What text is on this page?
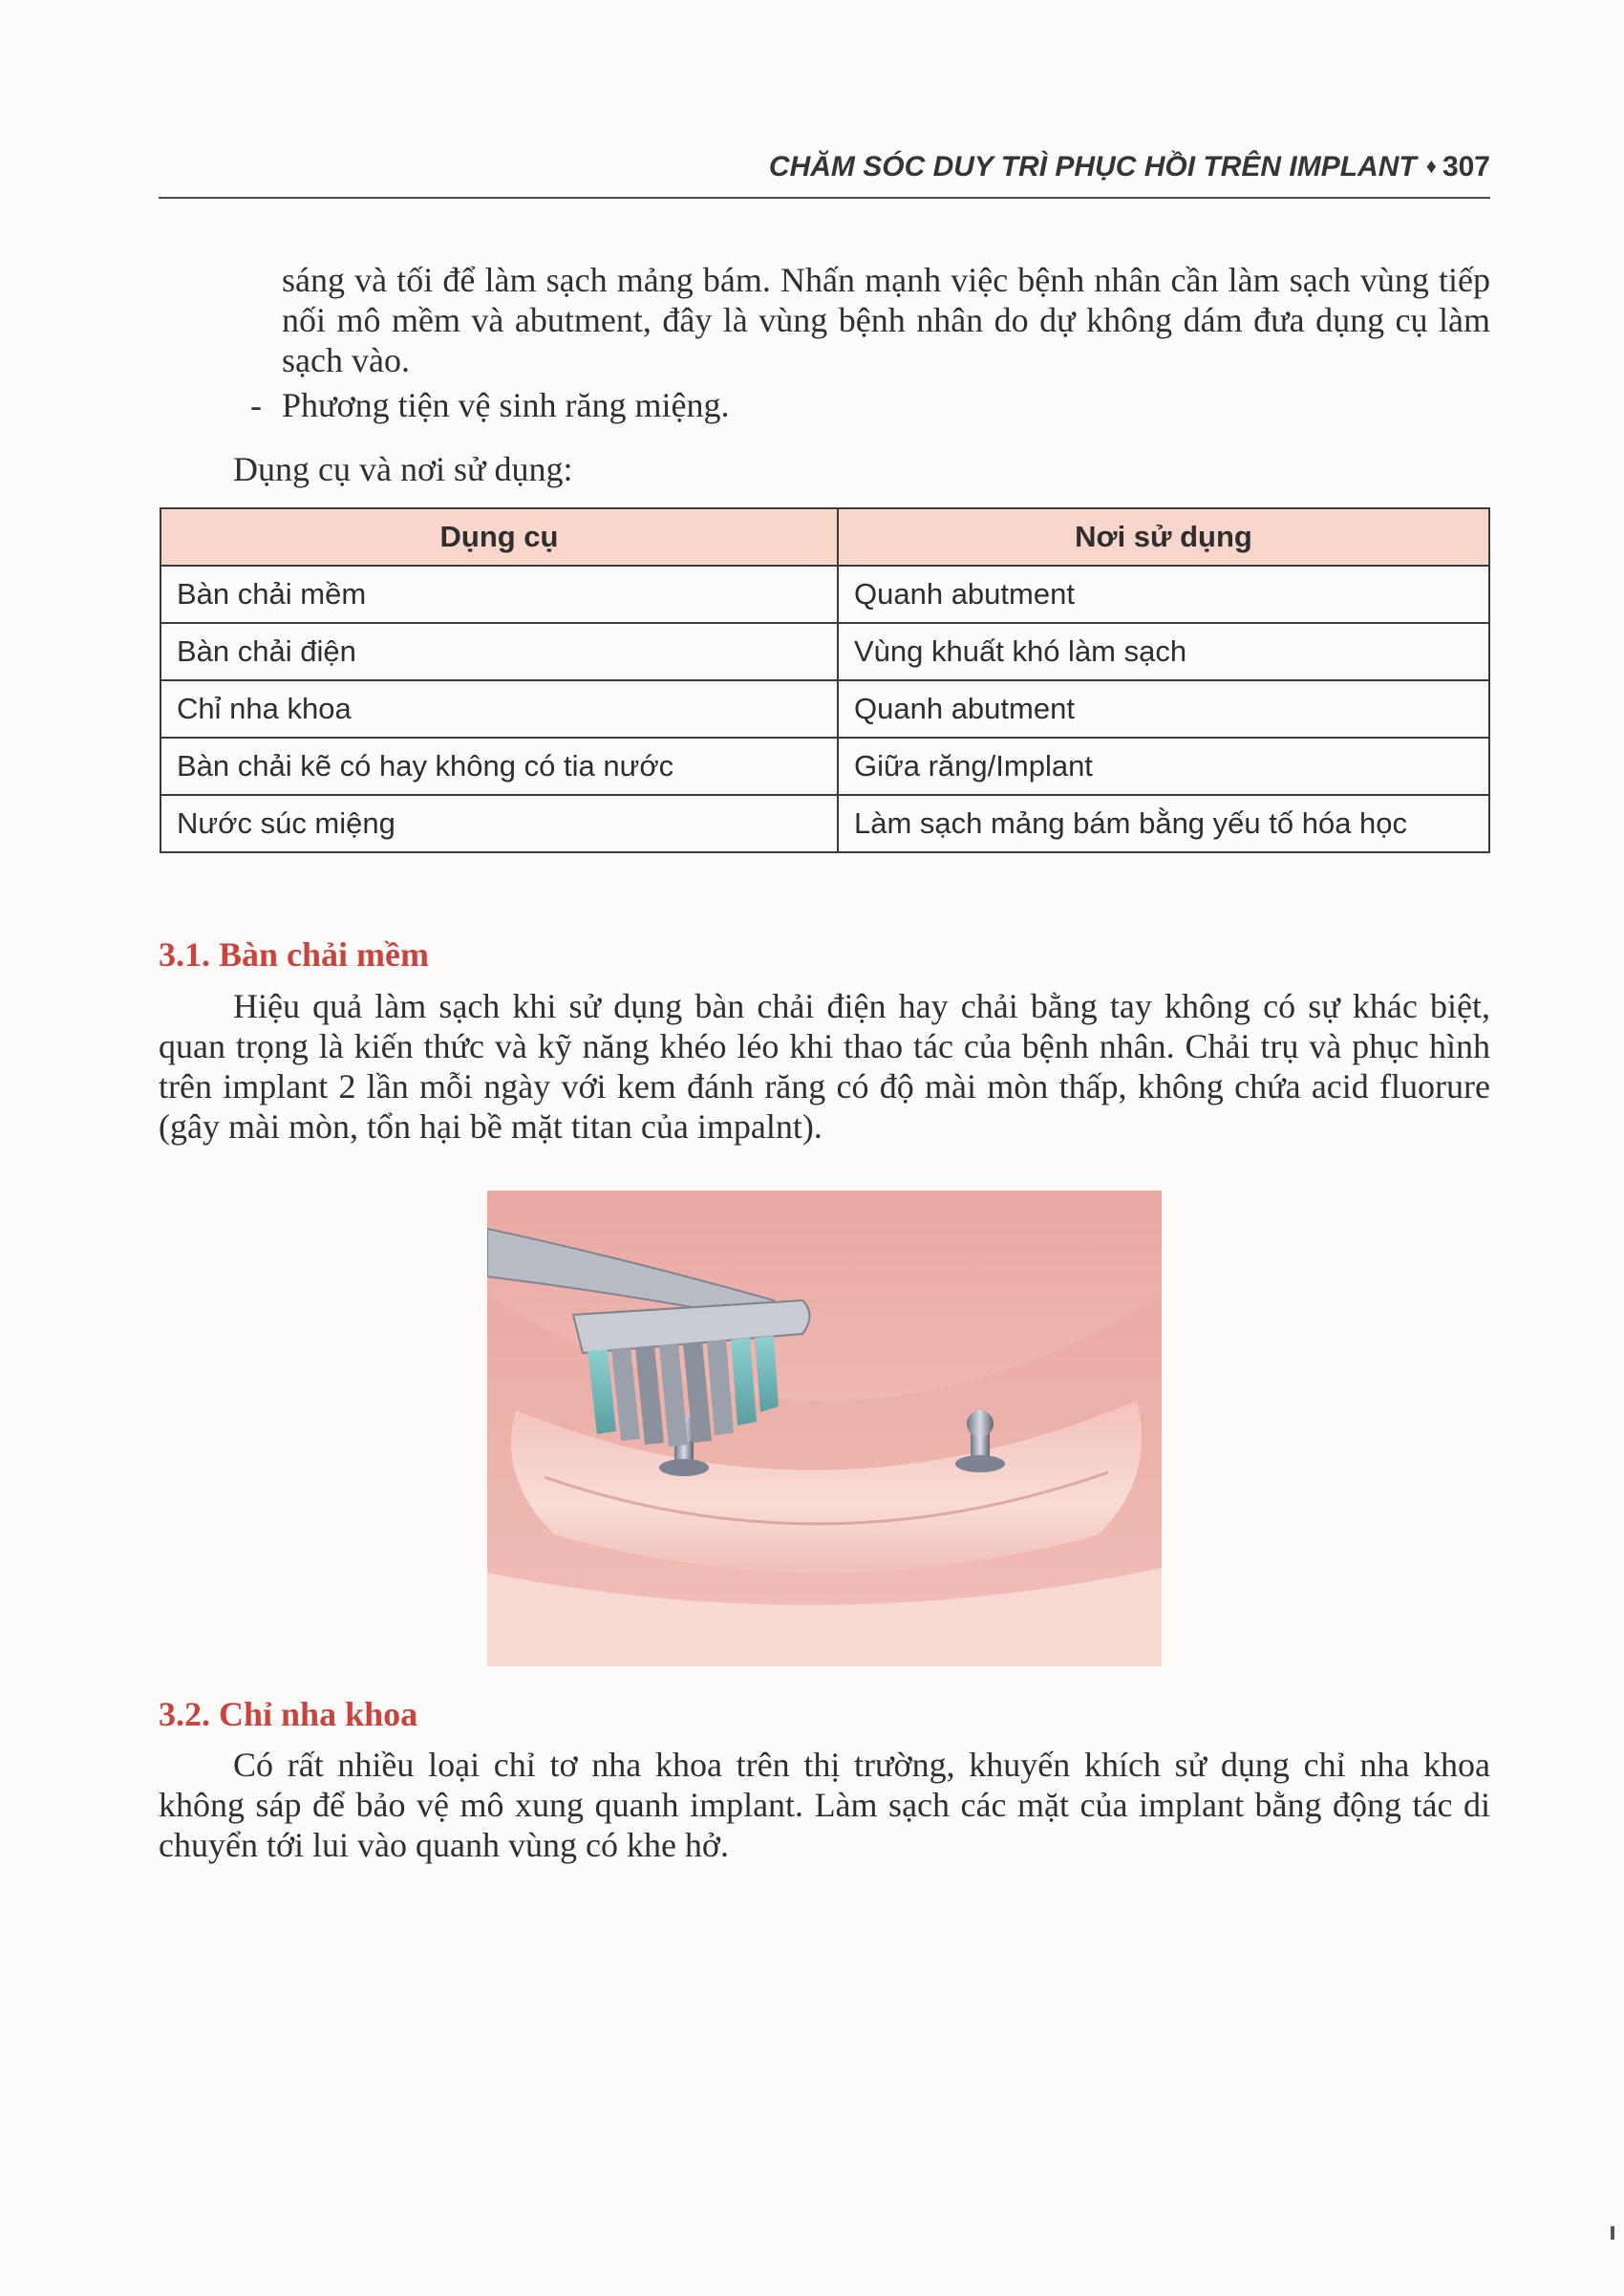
CHĂM SÓC DUY TRÌ PHỤC HỒI TRÊN IMPLANT ♦ 307
sáng và tối để làm sạch mảng bám. Nhấn mạnh việc bệnh nhân cần làm sạch vùng tiếp nối mô mềm và abutment, đây là vùng bệnh nhân do dự không dám đưa dụng cụ làm sạch vào.
- Phương tiện vệ sinh răng miệng.
Dụng cụ và nơi sử dụng:
Dụng cụ	Nơi sử dụng
Bàn chải mềm	Quanh abutment
Bàn chải điện	Vùng khuất khó làm sạch
Chỉ nha khoa	Quanh abutment
Bàn chải kẽ có hay không có tia nước	Giữa răng/Implant
Nước súc miệng	Làm sạch mảng bám bằng yếu tố hóa học
3.1. Bàn chải mềm
Hiệu quả làm sạch khi sử dụng bàn chải điện hay chải bằng tay không có sự khác biệt, quan trọng là kiến thức và kỹ năng khéo léo khi thao tác của bệnh nhân. Chải trụ và phục hình trên implant 2 lần mỗi ngày với kem đánh răng có độ mài mòn thấp, không chứa acid fluorure (gây mài mòn, tổn hại bề mặt titan của impalnt).
3.2. Chỉ nha khoa
Có rất nhiều loại chỉ tơ nha khoa trên thị trường, khuyến khích sử dụng chỉ nha khoa không sáp để bảo vệ mô xung quanh implant. Làm sạch các mặt của implant bằng động tác di chuyển tới lui vào quanh vùng có khe hở.
